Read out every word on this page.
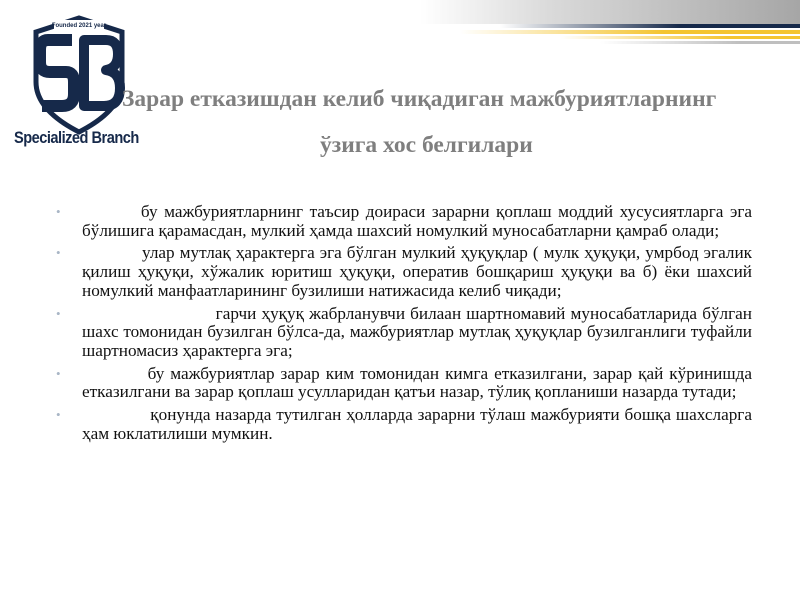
Founded 2021 year
Specialized Branch
Зарар етказишдан келиб чиқадиган мажбуриятларнинг
ўзига хос белгилари
•	бу мажбуриятларнинг таъсир доираси зарарни қоплаш моддий хусусиятларга эга бўлишига қарамасдан, мулкий ҳамда шахсий номулкий муносабатларни қамраб олади;
•	улар мутлақ ҳарактерга эга бўлган мулкий ҳуқуқлар ( мулк ҳуқуқи, умрбод эгалик қилиш ҳуқуқи, хўжалик юритиш ҳуқуқи, оператив бошқариш ҳуқуқи ва б) ёки шахсий номулкий манфаатларининг бузилиши натижасида келиб чиқади;
•	гарчи ҳуқуқ жабрланувчи билаан шартномавий муносабатларида бўлган шахс томонидан бузилган бўлса-да, мажбуриятлар мутлақ ҳуқуқлар бузилганлиги туфайли шартномасиз ҳарактерга эга;
•	бу мажбуриятлар зарар ким томонидан кимга етказилгани, зарар қай кўринишда етказилгани ва зарар қоплаш усулларидан қатъи назар, тўлиқ қопланиши назарда тутади;
•	қонунда назарда тутилган ҳолларда зарарни тўлаш мажбурияти бошқа шахсларга ҳам юклатилиши мумкин.
